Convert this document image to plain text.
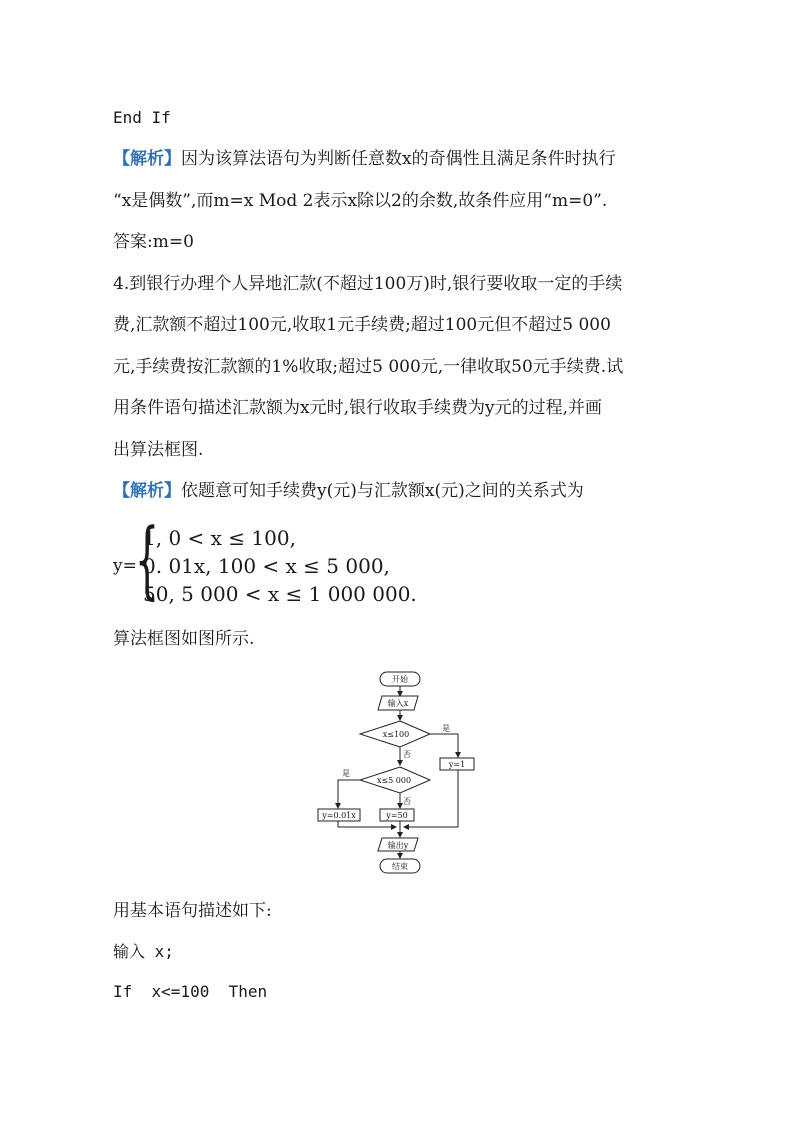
End If

【解析】因为该算法语句为判断任意数x的奇偶性且满足条件时执行

“x是偶数”,而m=x Mod 2表示x除以2的余数,故条件应用“m=0”.

答案:m=0

4.到银行办理个人异地汇款(不超过100万)时,银行要收取一定的手续

费,汇款额不超过100元,收取1元手续费;超过100元但不超过5 000

元,手续费按汇款额的1%收取;超过5 000元,一律收取50元手续费.试

用条件语句描述汇款额为x元时,银行收取手续费为y元的过程,并画

出算法框图.

【解析】依题意可知手续费y(元)与汇款额x(元)之间的关系式为

y=
{
1, 0 < x ≤ 100,
0. 01x, 100 < x ≤ 5 000,
50, 5 000 < x ≤ 1 000 000.

算法框图如图所示.

开始
输入x
x≤100
是
否
y=1
x≤5 000
是
否
y=0.01x	y=50
输出y
结束

用基本语句描述如下:

输入 x;

If  x<=100  Then
